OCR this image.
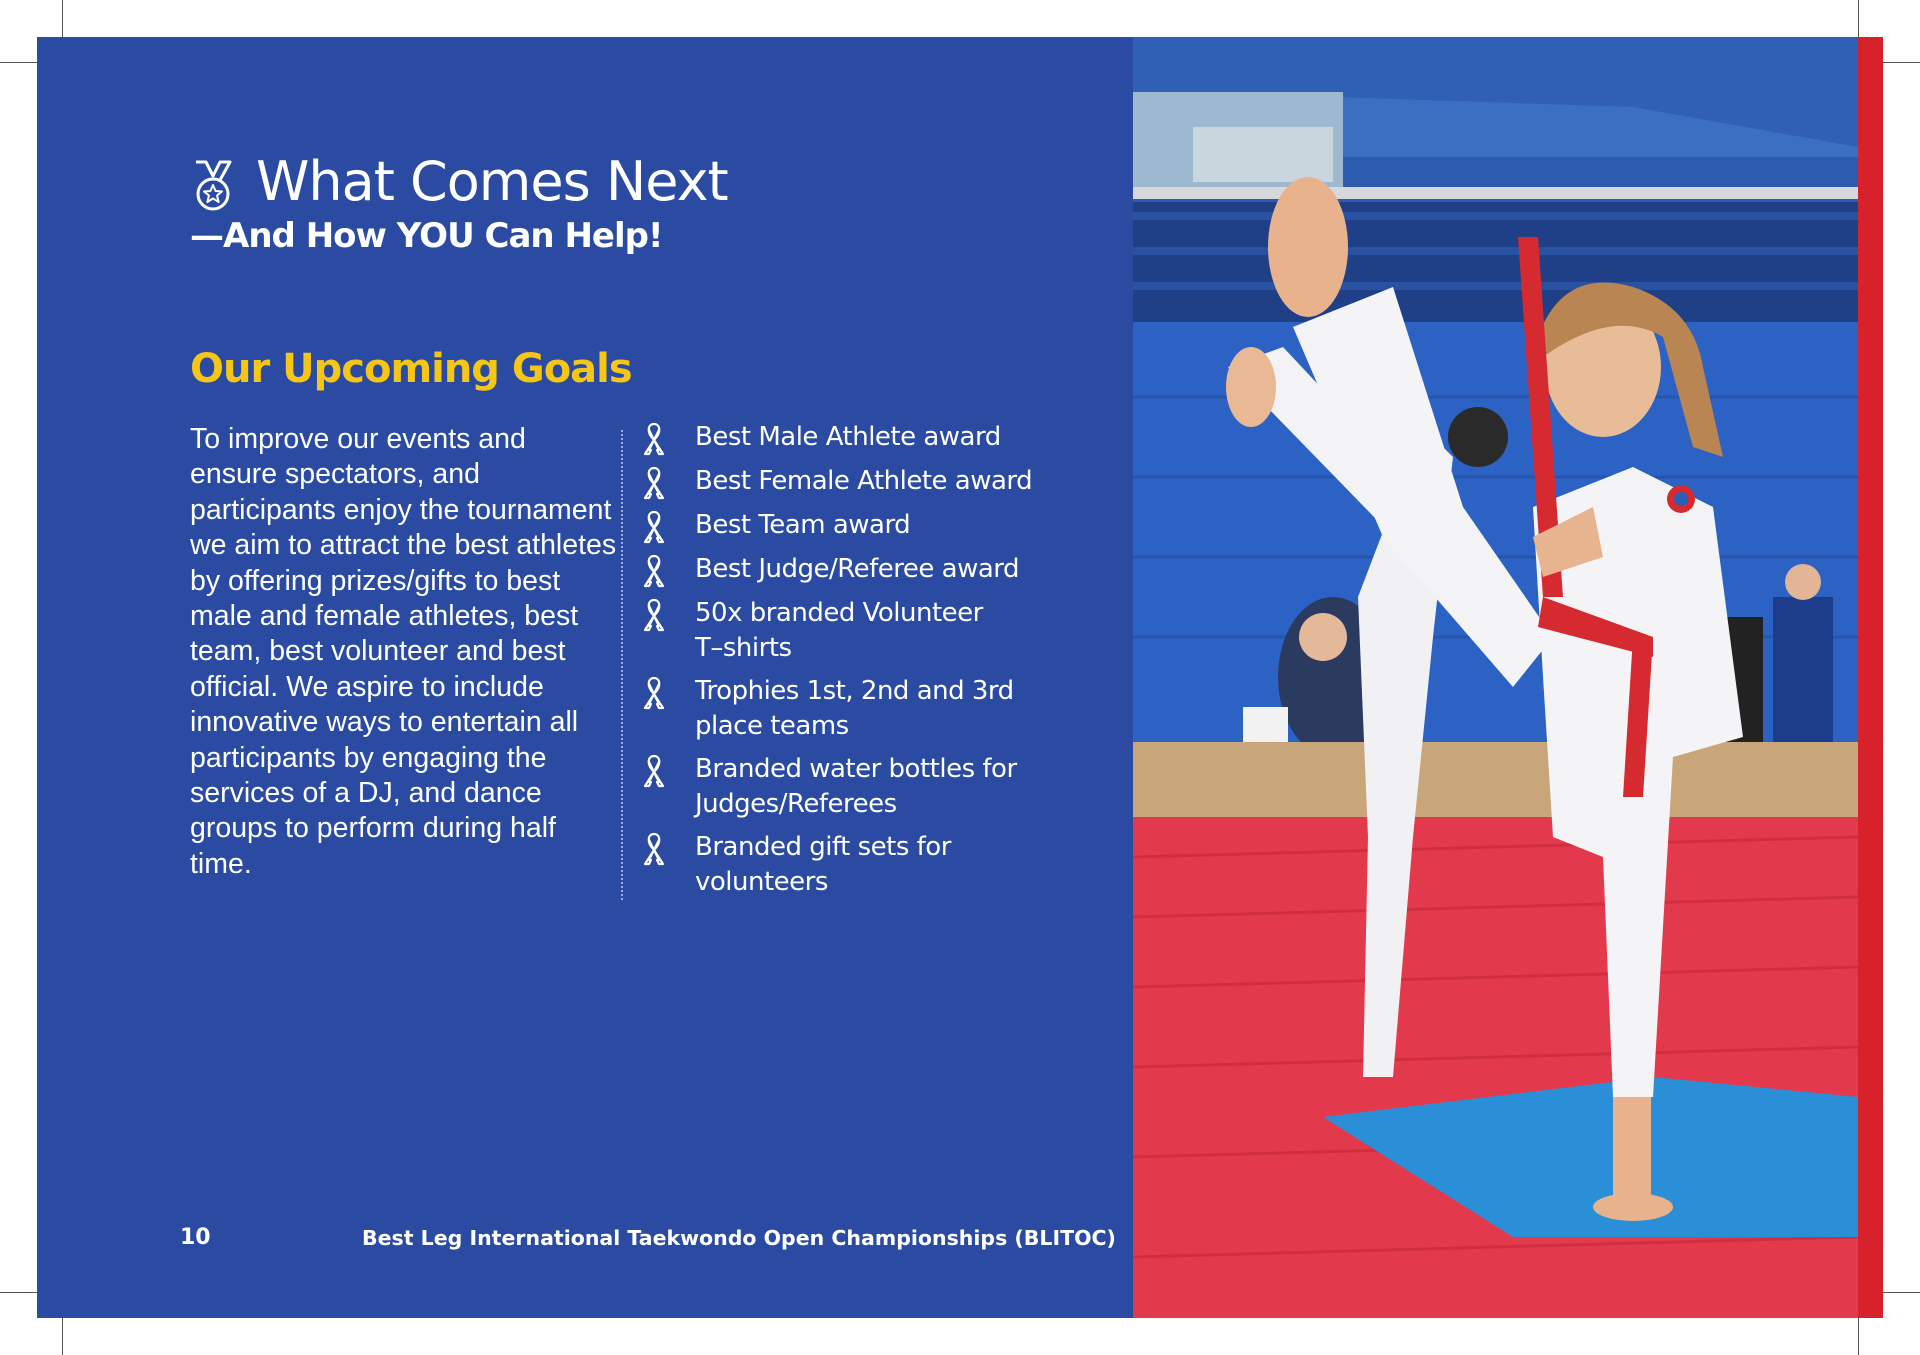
What Comes Next
—And How YOU Can Help!
Our Upcoming Goals
To improve our events and ensure spectators, and participants enjoy the tournament we aim to attract the best athletes by offering prizes/gifts to best male and female athletes, best team, best volunteer and best official. We aspire to include innovative ways to entertain all participants by engaging the services of a DJ, and dance groups to perform during half time.
Best Male Athlete award
Best Female Athlete award
Best Team award
Best Judge/Referee award
50x branded Volunteer T–shirts
Trophies 1st, 2nd and 3rd place teams
Branded water bottles for Judges/Referees
Branded gift sets for volunteers
10	Best Leg International Taekwondo Open Championships (BLITOC)
